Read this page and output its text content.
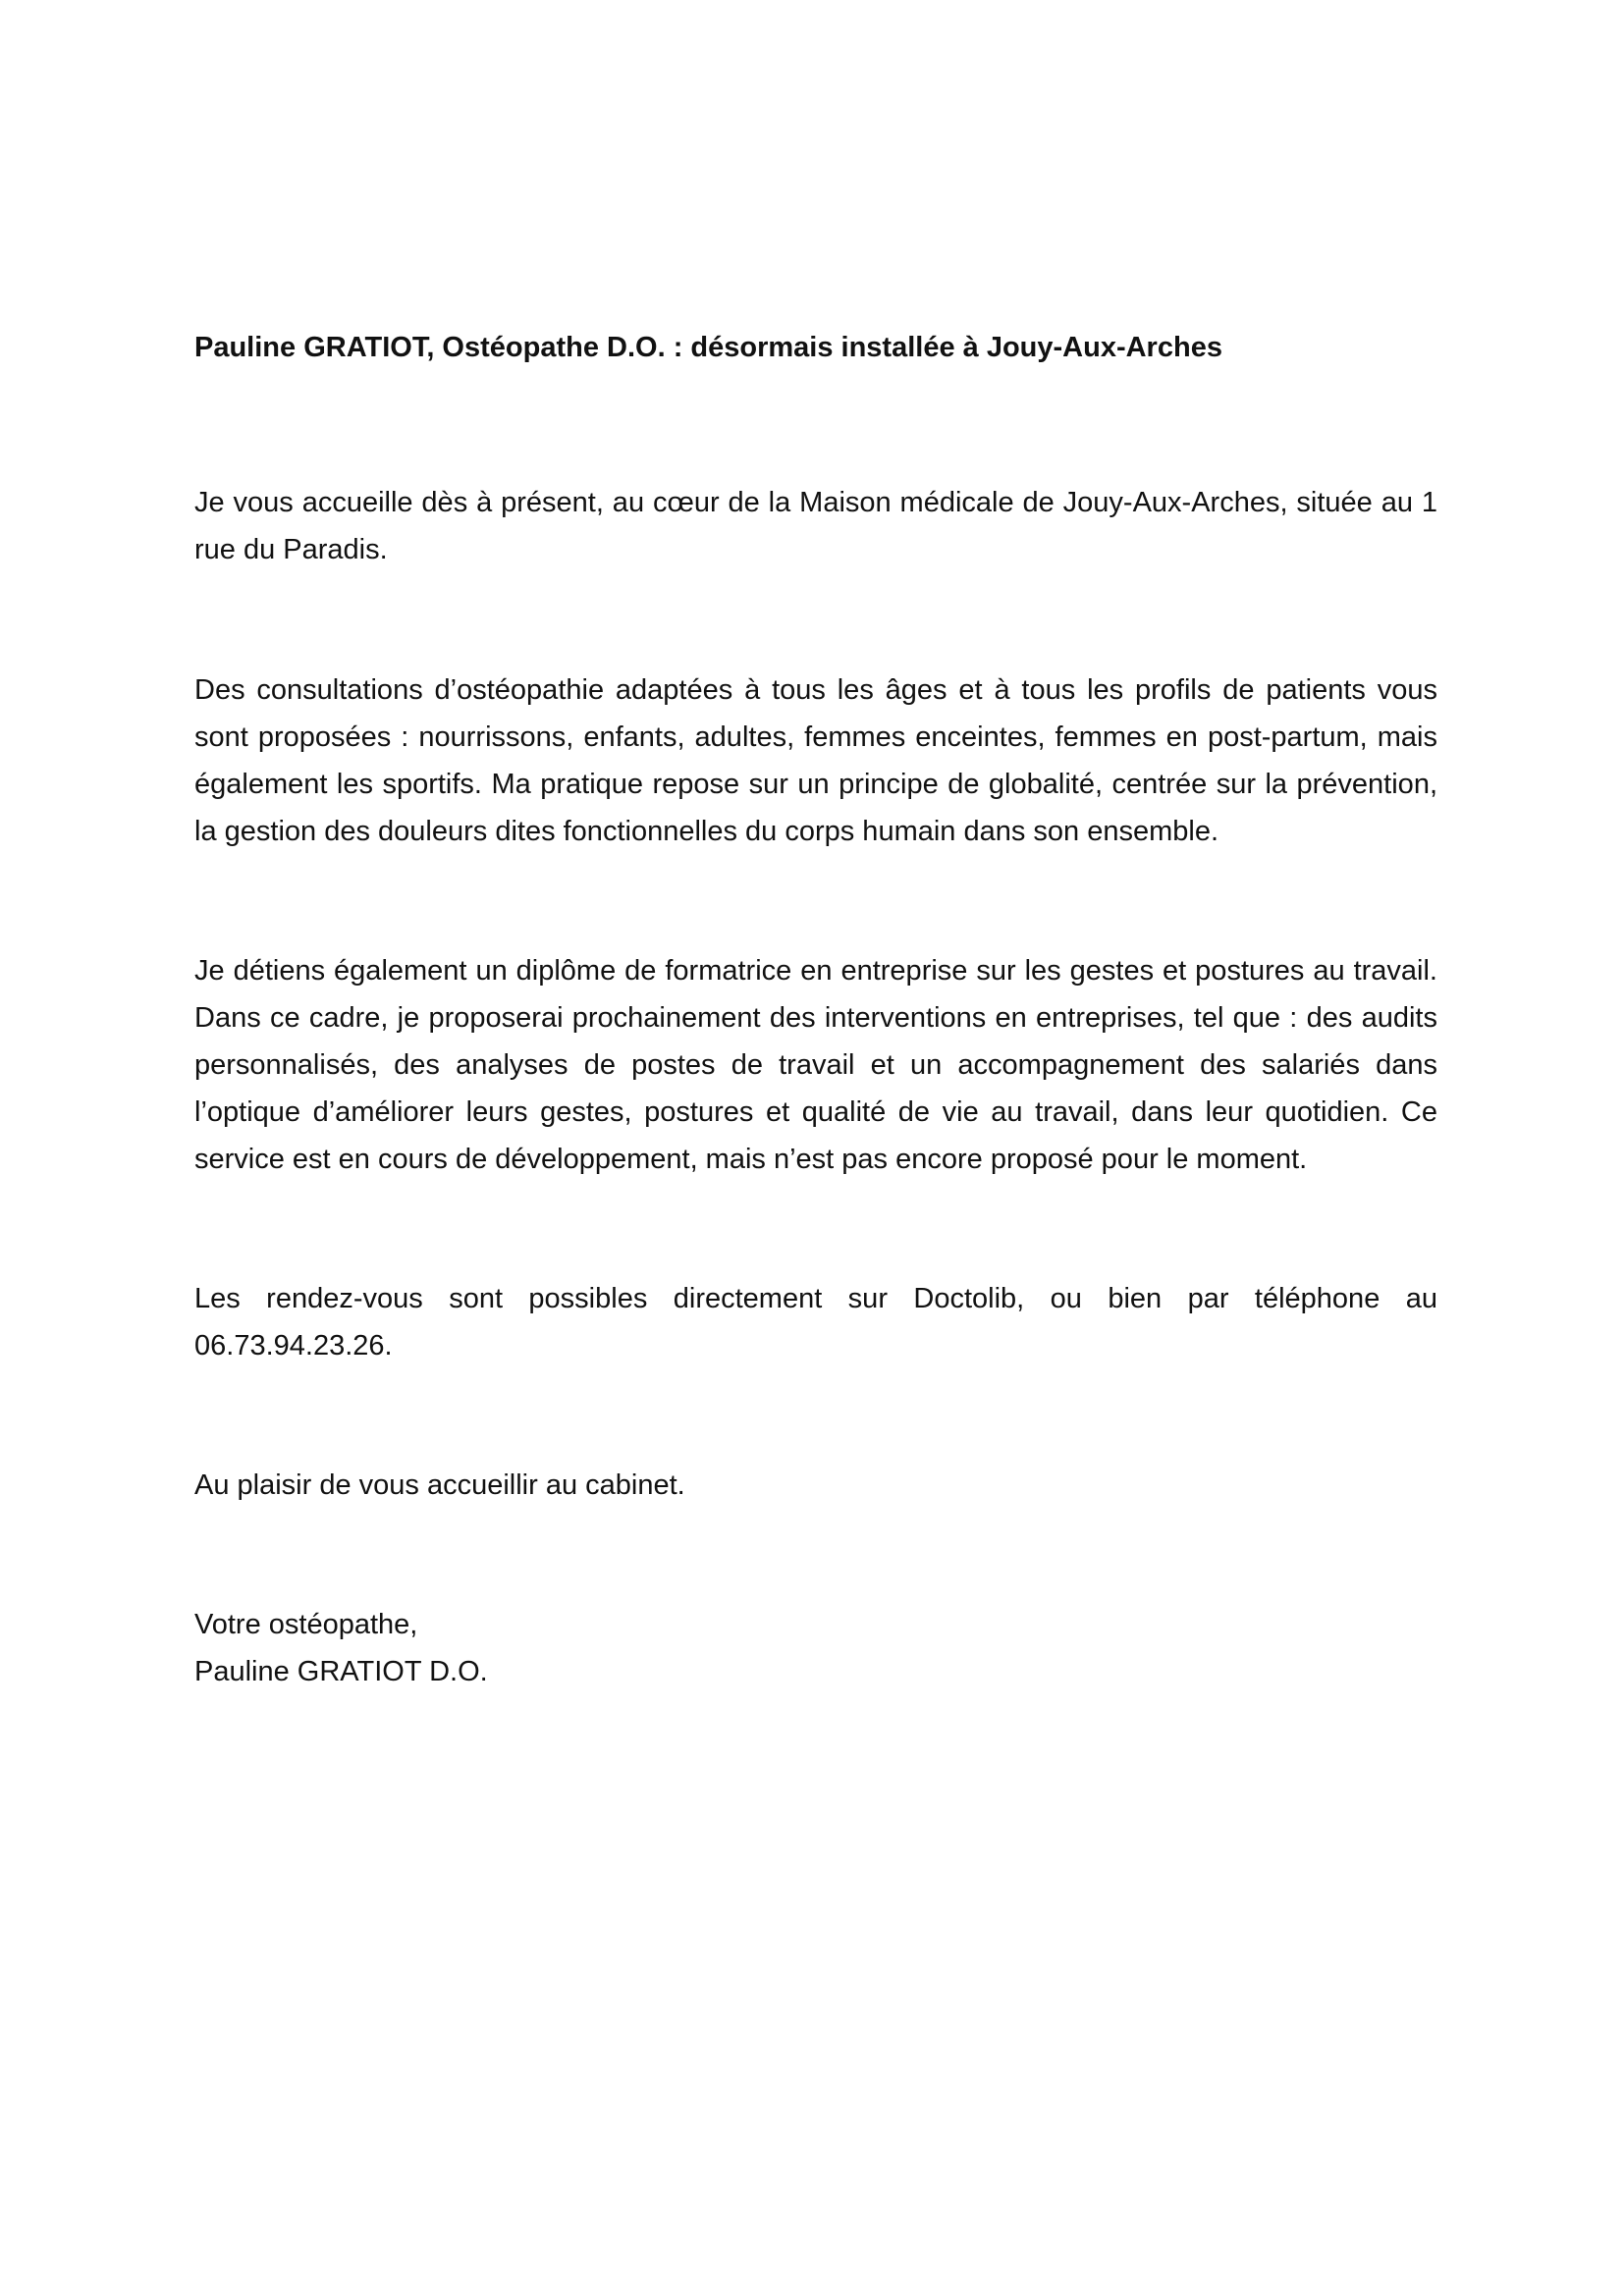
Pauline GRATIOT, Ostéopathe D.O. : désormais installée à Jouy-Aux-Arches

Je vous accueille dès à présent, au cœur de la Maison médicale de Jouy-Aux-Arches, située au 1 rue du Paradis.

Des consultations d’ostéopathie adaptées à tous les âges et à tous les profils de patients vous sont proposées : nourrissons, enfants, adultes, femmes enceintes, femmes en post-partum, mais également les sportifs. Ma pratique repose sur un principe de globalité, centrée sur la prévention, la gestion des douleurs dites fonctionnelles du corps humain dans son ensemble.

Je détiens également un diplôme de formatrice en entreprise sur les gestes et postures au travail. Dans ce cadre, je proposerai prochainement des interventions en entreprises, tel que : des audits personnalisés, des analyses de postes de travail et un accompagnement des salariés dans l’optique d’améliorer leurs gestes, postures et qualité de vie au travail, dans leur quotidien. Ce service est en cours de développement, mais n’est pas encore proposé pour le moment.

Les rendez-vous sont possibles directement sur Doctolib, ou bien par téléphone au 06.73.94.23.26.

Au plaisir de vous accueillir au cabinet.

Votre ostéopathe,

Pauline GRATIOT D.O.
